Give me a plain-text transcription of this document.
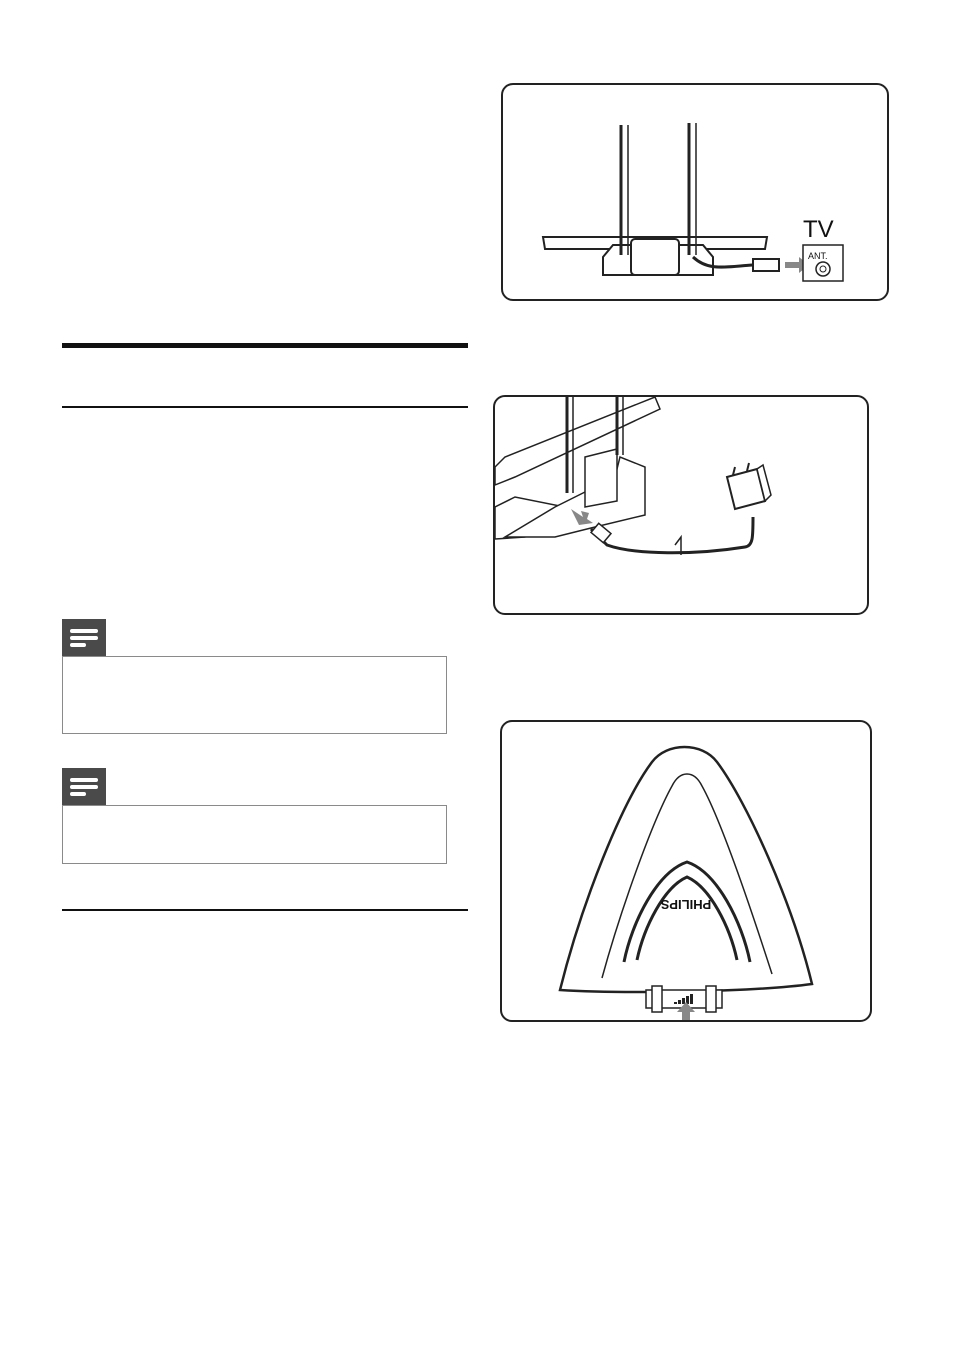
TV
ANT.
PHILIPS
